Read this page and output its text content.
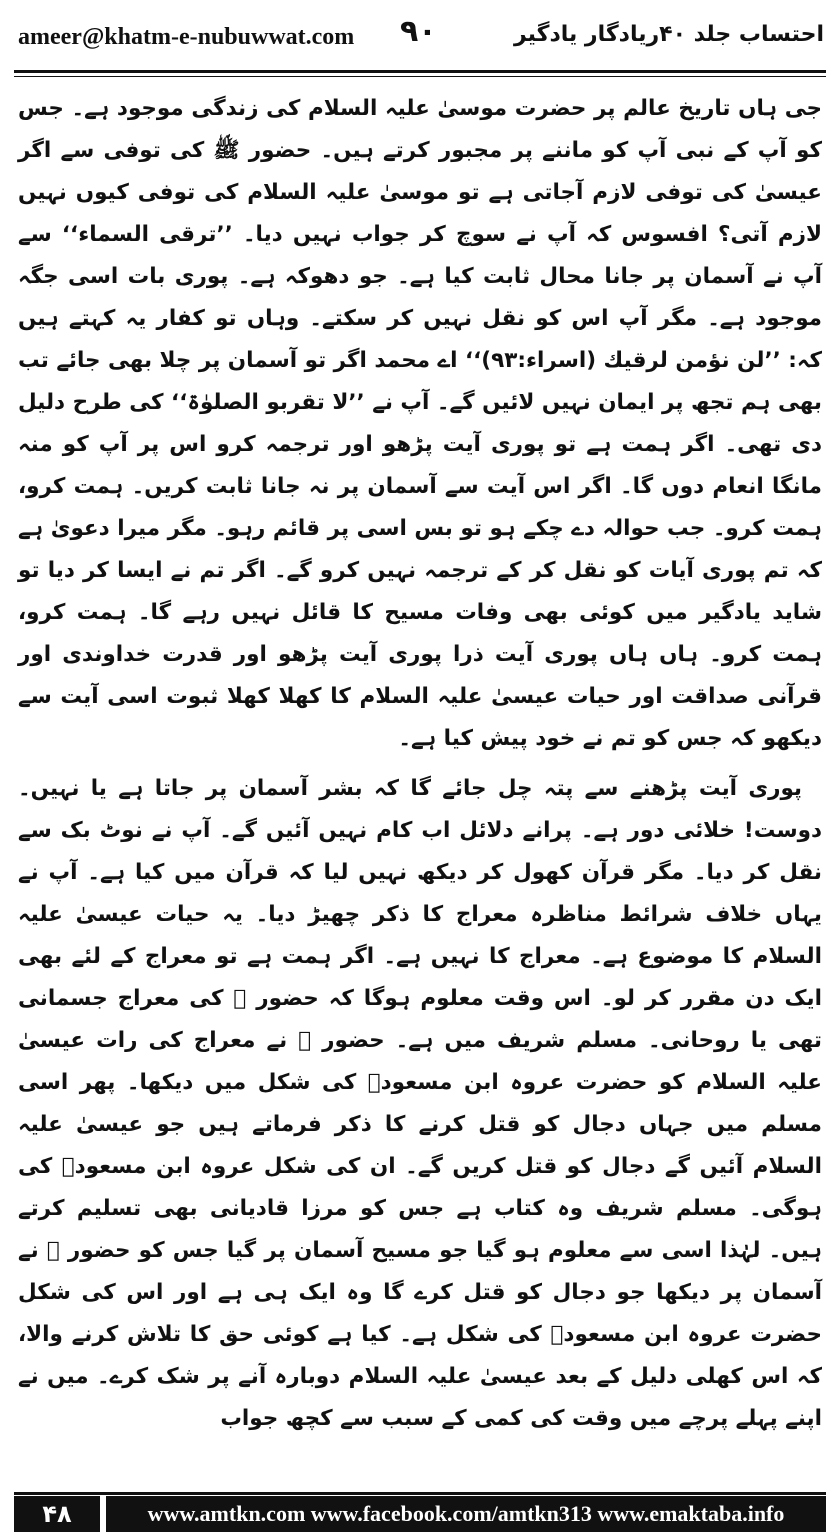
ameer@khatm-e-nubuwwat.com ۹۰	احتساب جلد ۴۰ریادگار یادگیر

جی ہاں تاریخ عالم پر حضرت موسیٰ علیہ السلام کی زندگی موجود ہے۔ جس کو آپ کے نبی آپ کو ماننے پر مجبور کرتے ہیں۔ حضور ﷺ کی توفی سے اگر عیسیٰ کی توفی لازم آجاتی ہے تو موسیٰ علیہ السلام کی توفی کیوں نہیں لازم آتی؟ افسوس کہ آپ نے سوچ کر جواب نہیں دیا۔ ’’ترقی السماء‘‘ سے آپ نے آسمان پر جانا محال ثابت کیا ہے۔ جو دھوکہ ہے۔ پوری بات اسی جگہ موجود ہے۔ مگر آپ اس کو نقل نہیں کر سکتے۔ وہاں تو کفار یہ کہتے ہیں کہ: ’’لن نؤمن لرقیك (اسراء:۹۳)‘‘ اے محمد اگر تو آسمان پر چلا بھی جائے تب بھی ہم تجھ پر ایمان نہیں لائیں گے۔ آپ نے ’’لا تقربو الصلوٰۃ‘‘ کی طرح دلیل دی تھی۔ اگر ہمت ہے تو پوری آیت پڑھو اور ترجمہ کرو اس پر آپ کو منہ مانگا انعام دوں گا۔ اگر اس آیت سے آسمان پر نہ جانا ثابت کریں۔ ہمت کرو، ہمت کرو۔ جب حوالہ دے چکے ہو تو بس اسی پر قائم رہو۔ مگر میرا دعویٰ ہے کہ تم پوری آیات کو نقل کر کے ترجمہ نہیں کرو گے۔ اگر تم نے ایسا کر دیا تو شاید یادگیر میں کوئی بھی وفات مسیح کا قائل نہیں رہے گا۔ ہمت کرو، ہمت کرو۔ ہاں ہاں پوری آیت ذرا پوری آیت پڑھو اور قدرت خداوندی اور قرآنی صداقت اور حیات عیسیٰ علیہ السلام کا کھلا کھلا ثبوت اسی آیت سے دیکھو کہ جس کو تم نے خود پیش کیا ہے۔

پوری آیت پڑھنے سے پتہ چل جائے گا کہ بشر آسمان پر جاتا ہے یا نہیں۔ دوست! خلائی دور ہے۔ پرانے دلائل اب کام نہیں آئیں گے۔ آپ نے نوٹ بک سے نقل کر دیا۔ مگر قرآن کھول کر دیکھ نہیں لیا کہ قرآن میں کیا ہے۔ آپ نے یہاں خلاف شرائط مناظرہ معراج کا ذکر چھیڑ دیا۔ یہ حیات عیسیٰ علیہ السلام کا موضوع ہے۔ معراج کا نہیں ہے۔ اگر ہمت ہے تو معراج کے لئے بھی ایک دن مقرر کر لو۔ اس وقت معلوم ہوگا کہ حضور ﷺ کی معراج جسمانی تھی یا روحانی۔ مسلم شریف میں ہے۔ حضور ﷺ نے معراج کی رات عیسیٰ علیہ السلام کو حضرت عروہ ابن مسعودؓ کی شکل میں دیکھا۔ پھر اسی مسلم میں جہاں دجال کو قتل کرنے کا ذکر فرماتے ہیں جو عیسیٰ علیہ السلام آئیں گے دجال کو قتل کریں گے۔ ان کی شکل عروہ ابن مسعودؓ کی ہوگی۔ مسلم شریف وہ کتاب ہے جس کو مرزا قادیانی بھی تسلیم کرتے ہیں۔ لہٰذا اسی سے معلوم ہو گیا جو مسیح آسمان پر گیا جس کو حضور ﷺ نے آسمان پر دیکھا جو دجال کو قتل کرے گا وہ ایک ہی ہے اور اس کی شکل حضرت عروہ ابن مسعودؓ کی شکل ہے۔ کیا ہے کوئی حق کا تلاش کرنے والا، کہ اس کھلی دلیل کے بعد عیسیٰ علیہ السلام دوبارہ آنے پر شک کرے۔ میں نے اپنے پہلے پرچے میں وقت کی کمی کے سبب سے کچھ جواب

۴۸	www.amtkn.com www.facebook.com/amtkn313 www.emaktaba.info
